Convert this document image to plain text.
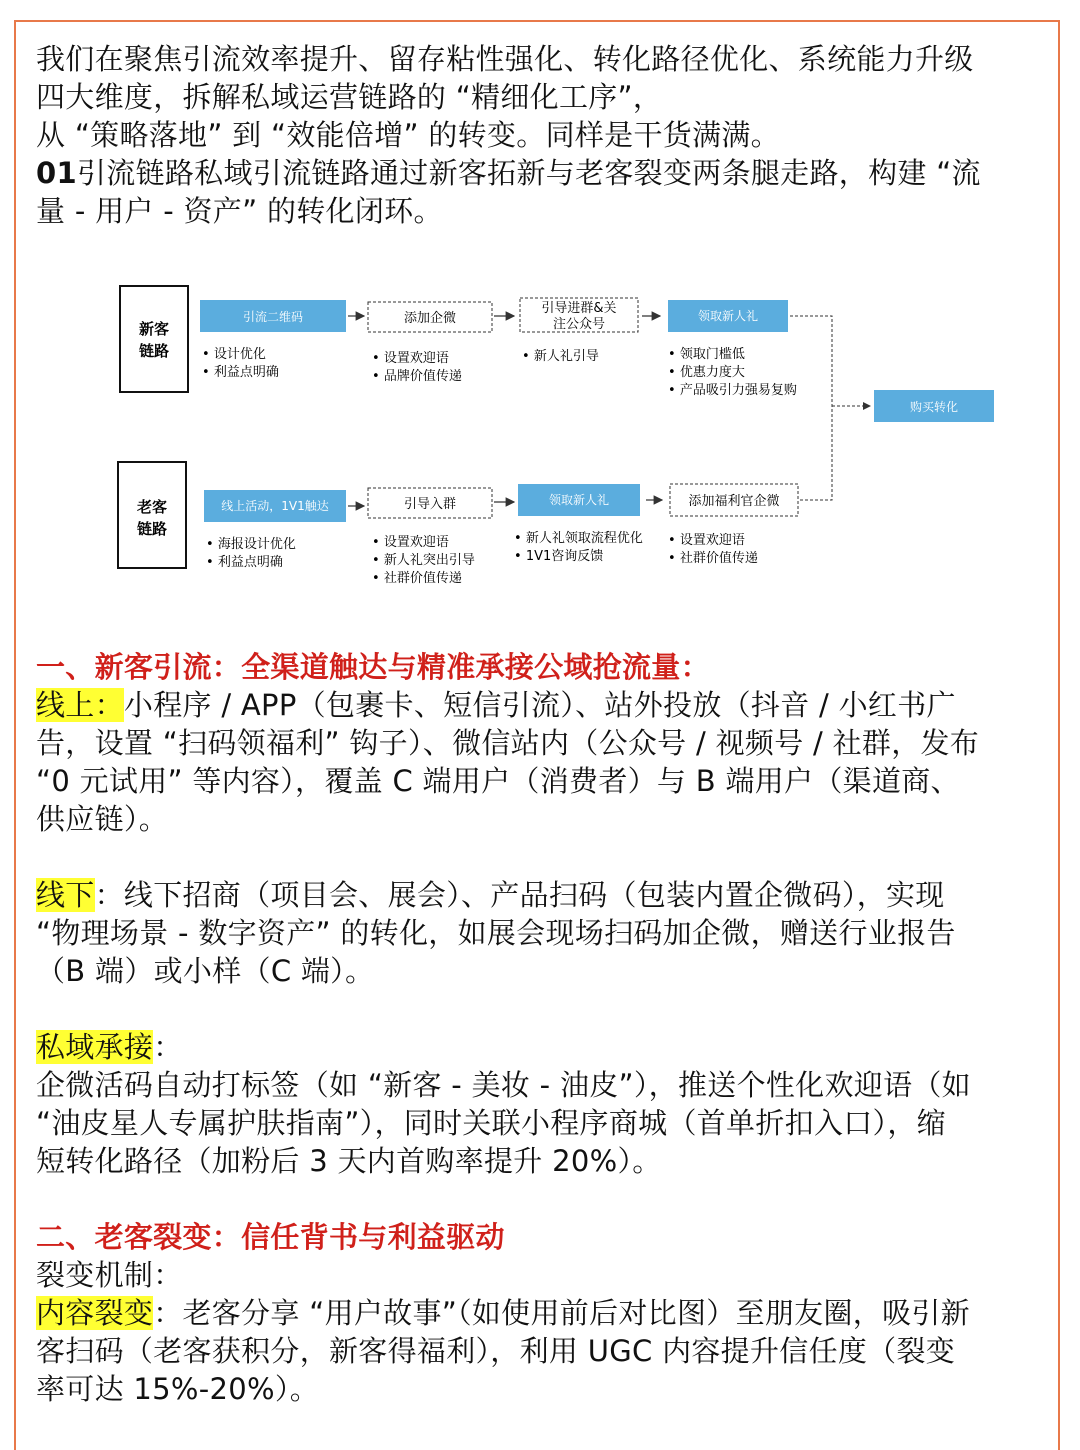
我们在聚焦引流效率提升、留存粘性强化、转化路径优化、系统能力升级

四大维度，拆解私域运营链路的 “精细化工序”，

从 “策略落地” 到 “效能倍增” 的转变。同样是干货满满。

01引流链路私域引流链路通过新客拓新与老客裂变两条腿走路，构建 “流

量 - 用户 - 资产” 的转化闭环。

新客
链路
老客
链路
引流二维码	添加企微
引导进群&关
注公众号
领取新人礼
• 设计优化
• 利益点明确
• 设置欢迎语
• 品牌价值传递
• 新人礼引导	• 领取门槛低
• 优惠力度大
• 产品吸引力强易复购
购买转化
线上活动，1V1触达	引导入群	领取新人礼	添加福利官企微
• 海报设计优化
• 利益点明确
• 设置欢迎语
• 新人礼突出引导
• 社群价值传递
• 新人礼领取流程优化
• 1V1咨询反馈
• 设置欢迎语
• 社群价值传递

一、新客引流：全渠道触达与精准承接公域抢流量：

线上：小程序 / APP（包裹卡、短信引流）、站外投放（抖音 / 小红书广

告，设置 “扫码领福利” 钩子）、微信站内（公众号 / 视频号 / 社群，发布

“0 元试用” 等内容），覆盖 C 端用户（消费者）与 B 端用户（渠道商、

供应链）。

线下：线下招商（项目会、展会）、产品扫码（包装内置企微码），实现

“物理场景 - 数字资产” 的转化，如展会现场扫码加企微，赠送行业报告

（B 端）或小样（C 端）。

私域承接：

企微活码自动打标签（如 “新客 - 美妆 - 油皮”），推送个性化欢迎语（如

“油皮星人专属护肤指南”），同时关联小程序商城（首单折扣入口），缩

短转化路径（加粉后 3 天内首购率提升 20%）。

二、老客裂变：信任背书与利益驱动

裂变机制：

内容裂变：老客分享 “用户故事”（如使用前后对比图）至朋友圈，吸引新

客扫码（老客获积分，新客得福利），利用 UGC 内容提升信任度（裂变

率可达 15%-20%）。
